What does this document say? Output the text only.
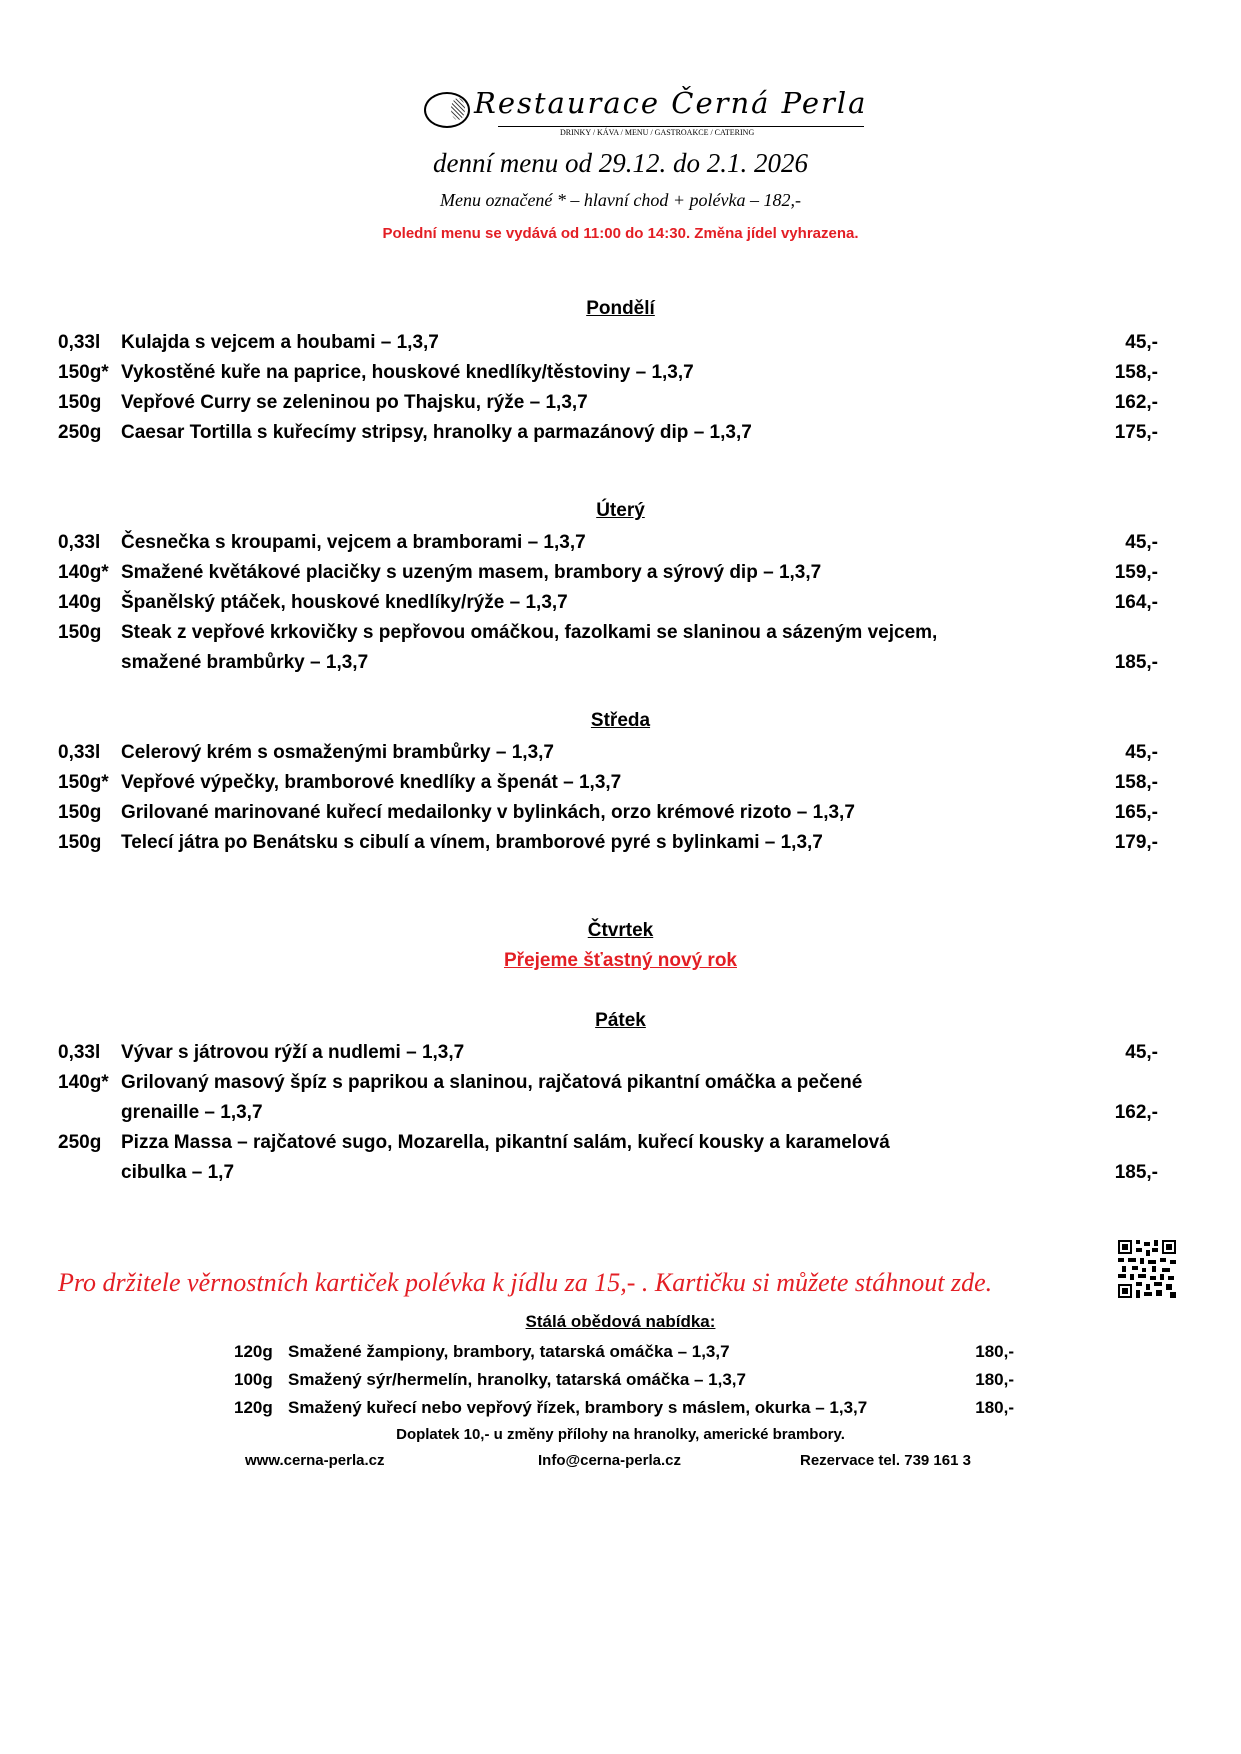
Restaurace Černá Perla
DRINKY / KÁVA / MENU / GASTROAKCE / CATERING
denní menu od 29.12. do 2.1. 2026
Menu označené * – hlavní chod + polévka – 182,-
Polední menu se vydává od 11:00 do 14:30. Změna jídel vyhrazena.
Pondělí
0,33l Kulajda s vejcem a houbami – 1,3,7	45,-
150g* Vykostěné kuře na paprice, houskové knedlíky/těstoviny – 1,3,7	158,-
150g Vepřové Curry se zeleninou po Thajsku, rýže – 1,3,7	162,-
250g Caesar Tortilla s kuřecímy stripsy, hranolky a parmazánový dip – 1,3,7	175,-
Úterý
0,33l Česnečka s kroupami, vejcem a bramborami – 1,3,7	45,-
140g* Smažené květákové placičky s uzeným masem, brambory a sýrový dip – 1,3,7	159,-
140g Španělský ptáček, houskové knedlíky/rýže – 1,3,7	164,-
150g Steak z vepřové krkovičky s pepřovou omáčkou, fazolkami se slaninou a sázeným vejcem,
smažené brambůrky – 1,3,7	185,-
Středa
0,33l Celerový krém s osmaženými brambůrky – 1,3,7	45,-
150g* Vepřové výpečky, bramborové knedlíky a špenát – 1,3,7	158,-
150g Grilované marinované kuřecí medailonky v bylinkách, orzo krémové rizoto – 1,3,7	165,-
150g Telecí játra po Benátsku s cibulí a vínem, bramborové pyré s bylinkami – 1,3,7	179,-
Čtvrtek
Přejeme šťastný nový rok
Pátek
0,33l Vývar s játrovou rýží a nudlemi – 1,3,7	45,-
140g* Grilovaný masový špíz s paprikou a slaninou, rajčatová pikantní omáčka a pečené
grenaille – 1,3,7	162,-
250g Pizza Massa – rajčatové sugo, Mozarella, pikantní salám, kuřecí kousky a karamelová
cibulka – 1,7	185,-
Pro držitele věrnostních kartiček polévka k jídlu za 15,- . Kartičku si můžete stáhnout zde.
Stálá obědová nabídka:
120g Smažené žampiony, brambory, tatarská omáčka – 1,3,7	180,-
100g Smažený sýr/hermelín, hranolky, tatarská omáčka – 1,3,7	180,-
120g Smažený kuřecí nebo vepřový řízek, brambory s máslem, okurka – 1,3,7	180,-
Doplatek 10,- u změny přílohy na hranolky, americké brambory.
www.cerna-perla.cz	Info@cerna-perla.cz	Rezervace tel. 739 161 3
